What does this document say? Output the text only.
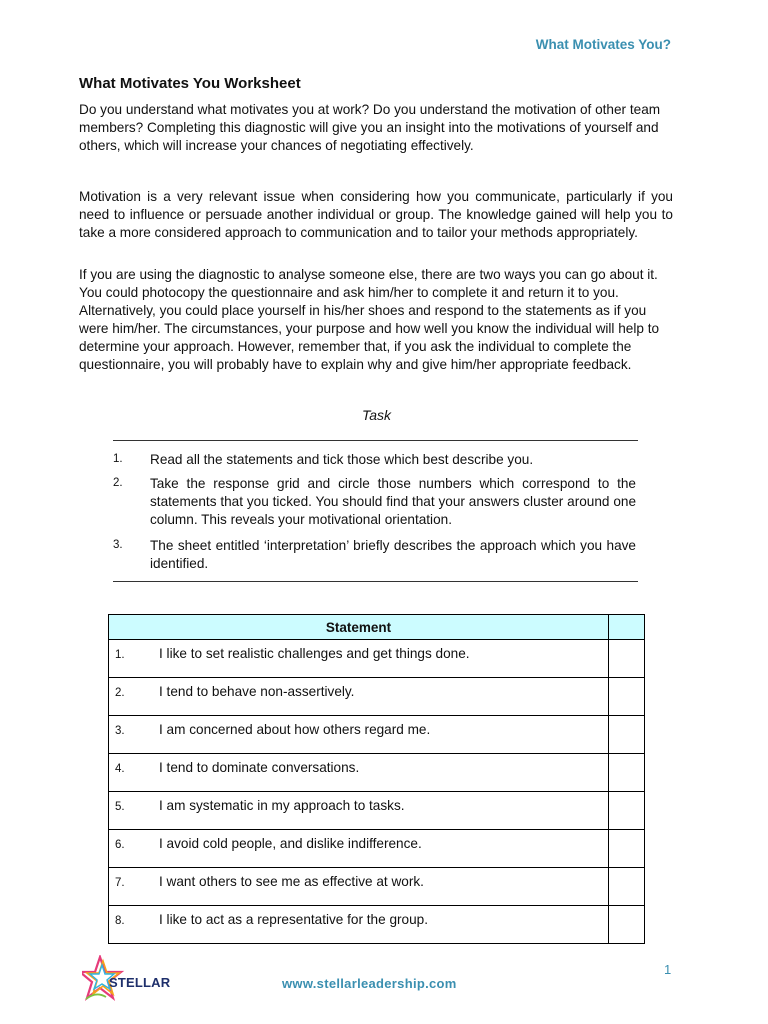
What Motivates You?
What Motivates You Worksheet

Do you understand what motivates you at work? Do you understand the motivation of other team members? Completing this diagnostic will give you an insight into the motivations of yourself and others, which will increase your chances of negotiating effectively.

Motivation is a very relevant issue when considering how you communicate, particularly if you need to influence or persuade another individual or group. The knowledge gained will help you to take a more considered approach to communication and to tailor your methods appropriately.

If you are using the diagnostic to analyse someone else, there are two ways you can go about it. You could photocopy the questionnaire and ask him/her to complete it and return it to you. Alternatively, you could place yourself in his/her shoes and respond to the statements as if you were him/her. The circumstances, your purpose and how well you know the individual will help to determine your approach. However, remember that, if you ask the individual to complete the questionnaire, you will probably have to explain why and give him/her appropriate feedback.

Task
1. Read all the statements and tick those which best describe you.
2. Take the response grid and circle those numbers which correspond to the statements that you ticked. You should find that your answers cluster around one column. This reveals your motivational orientation.
3. The sheet entitled ‘interpretation’ briefly describes the approach which you have identified.
Statement	

1. I like to set realistic challenges and get things done.	

2. I tend to behave non-assertively.	

3. I am concerned about how others regard me.	

4. I tend to dominate conversations.	

5. I am systematic in my approach to tasks.	

6. I avoid cold people, and dislike indifference.	

7. I want others to see me as effective at work.	

8. I like to act as a representative for the group.	

STELLAR	www.stellarleadership.com
1
